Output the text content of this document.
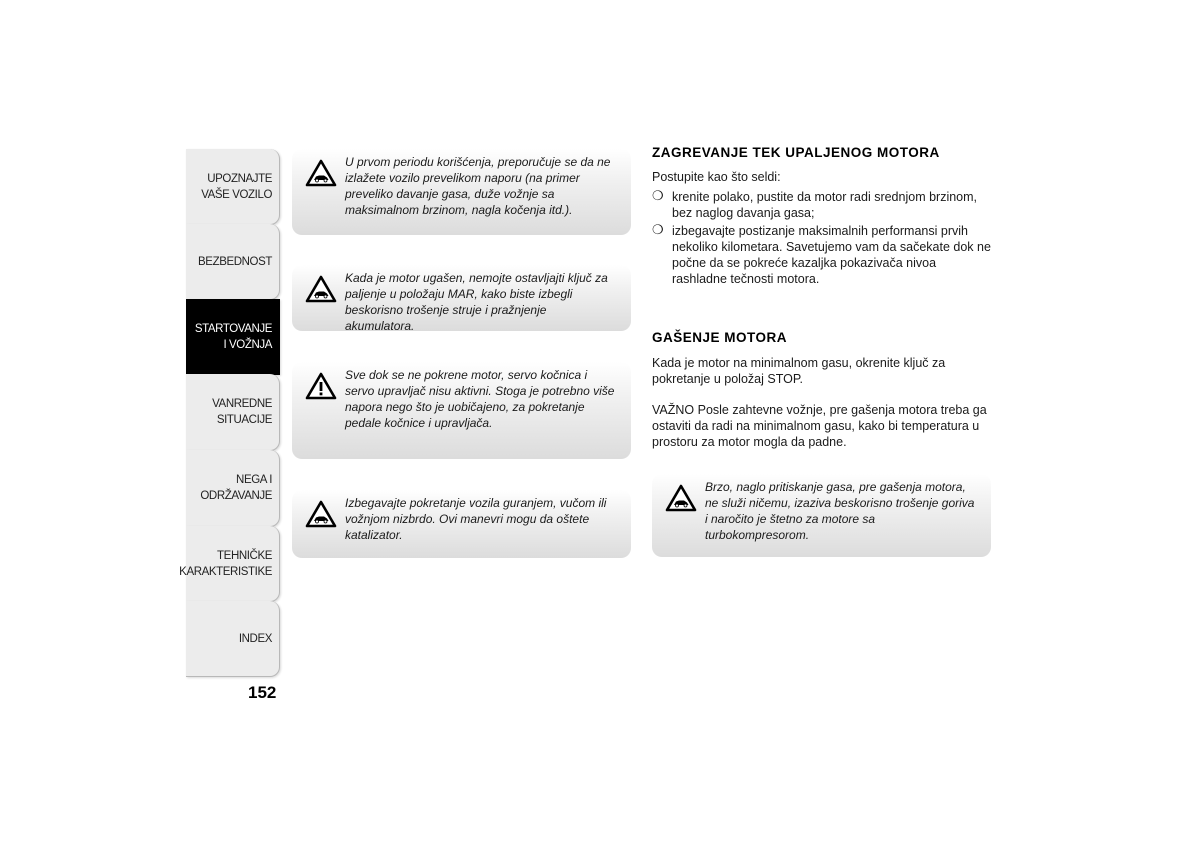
UPOZNAJTE
VAŠE VOZILO
BEZBEDNOST
STARTOVANJE
I VOŽNJA
VANREDNE
SITUACIJE
NEGA I
ODRŽAVANJE
TEHNIČKE
KARAKTERISTIKE
INDEX
152

U prvom periodu korišćenja, preporučuje se da ne izlažete vozilo prevelikom naporu (na primer preveliko davanje gasa, duže vožnje sa maksimalnom brzinom, nagla kočenja itd.).

Kada je motor ugašen, nemojte ostavljajti ključ za paljenje u položaju MAR, kako biste izbegli beskorisno trošenje struje i pražnjenje akumulatora.

Sve dok se ne pokrene motor, servo kočnica i servo upravljač nisu aktivni. Stoga je potrebno više napora nego što je uobičajeno, za pokretanje pedale kočnice i upravljača.

Izbegavajte pokretanje vozila guranjem, vučom ili vožnjom nizbrdo. Ovi manevri mogu da oštete katalizator.

ZAGREVANJE TEK UPALJENOG MOTORA

Postupite kao što seldi:

❍ krenite polako, pustite da motor radi srednjom brzinom, bez naglog davanja gasa;
❍ izbegavajte postizanje maksimalnih performansi prvih nekoliko kilometara. Savetujemo vam da sačekate dok ne počne da se pokreće kazaljka pokazivača nivoa rashladne tečnosti motora.
GAŠENJE MOTORA

Kada je motor na minimalnom gasu, okrenite ključ za pokretanje u položaj STOP.

VAŽNO Posle zahtevne vožnje, pre gašenja motora treba ga ostaviti da radi na minimalnom gasu, kako bi temperatura u prostoru za motor mogla da padne.

Brzo, naglo pritiskanje gasa, pre gašenja motora, ne služi ničemu, izaziva beskorisno trošenje goriva i naročito je štetno za motore sa turbokompresorom.
